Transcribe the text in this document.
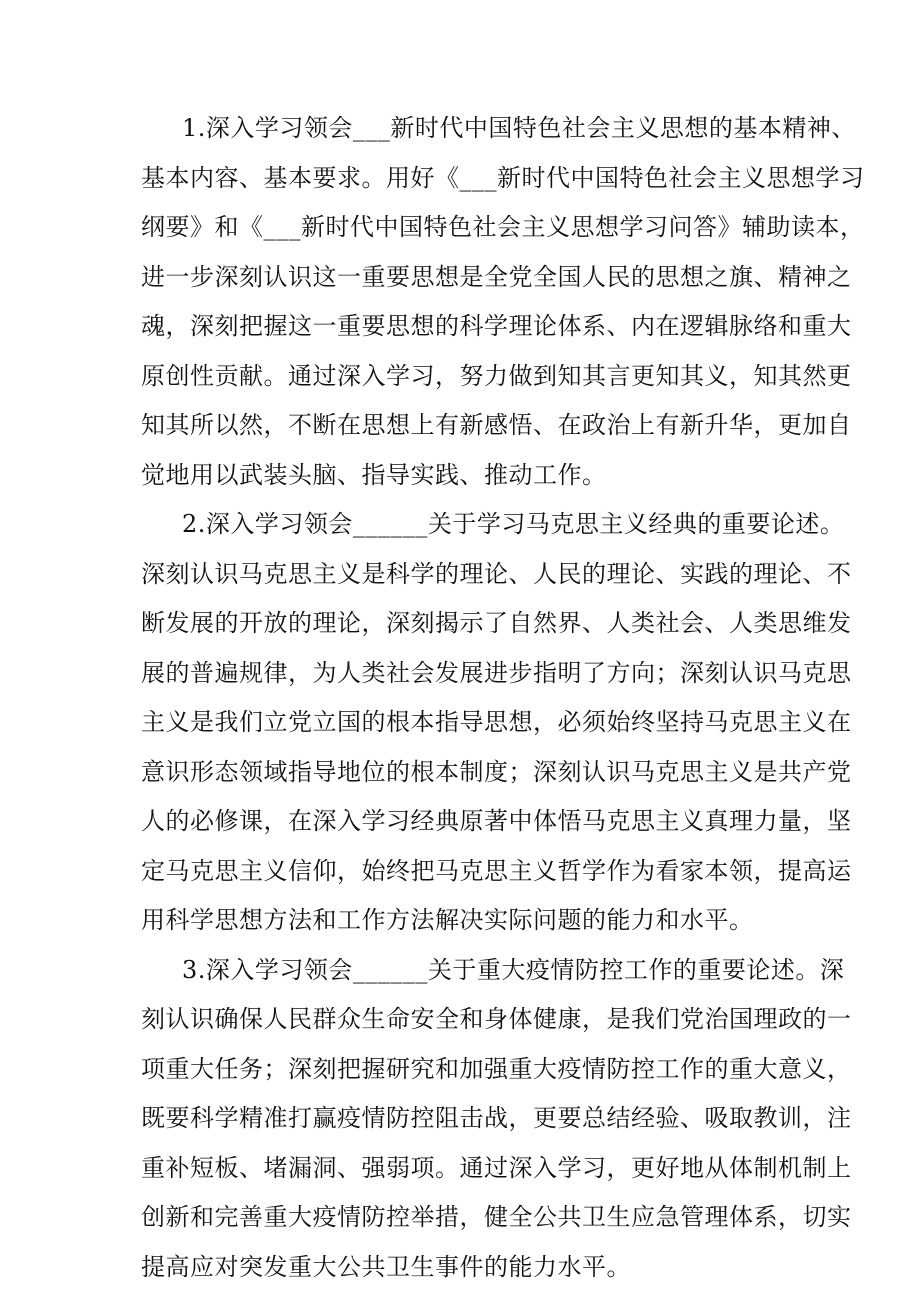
1.深入学习领会___新时代中国特色社会主义思想的基本精神、
基本内容、基本要求。用好《___新时代中国特色社会主义思想学习
纲要》和《___新时代中国特色社会主义思想学习问答》辅助读本，
进一步深刻认识这一重要思想是全党全国人民的思想之旗、精神之
魂，深刻把握这一重要思想的科学理论体系、内在逻辑脉络和重大
原创性贡献。通过深入学习，努力做到知其言更知其义，知其然更
知其所以然，不断在思想上有新感悟、在政治上有新升华，更加自
觉地用以武装头脑、指导实践、推动工作。
2.深入学习领会______关于学习马克思主义经典的重要论述。
深刻认识马克思主义是科学的理论、人民的理论、实践的理论、不
断发展的开放的理论，深刻揭示了自然界、人类社会、人类思维发
展的普遍规律，为人类社会发展进步指明了方向；深刻认识马克思
主义是我们立党立国的根本指导思想，必须始终坚持马克思主义在
意识形态领域指导地位的根本制度；深刻认识马克思主义是共产党
人的必修课，在深入学习经典原著中体悟马克思主义真理力量，坚
定马克思主义信仰，始终把马克思主义哲学作为看家本领，提高运
用科学思想方法和工作方法解决实际问题的能力和水平。
3.深入学习领会______关于重大疫情防控工作的重要论述。深
刻认识确保人民群众生命安全和身体健康，是我们党治国理政的一
项重大任务；深刻把握研究和加强重大疫情防控工作的重大意义，
既要科学精准打赢疫情防控阻击战，更要总结经验、吸取教训，注
重补短板、堵漏洞、强弱项。通过深入学习，更好地从体制机制上
创新和完善重大疫情防控举措，健全公共卫生应急管理体系，切实
提高应对突发重大公共卫生事件的能力水平。
